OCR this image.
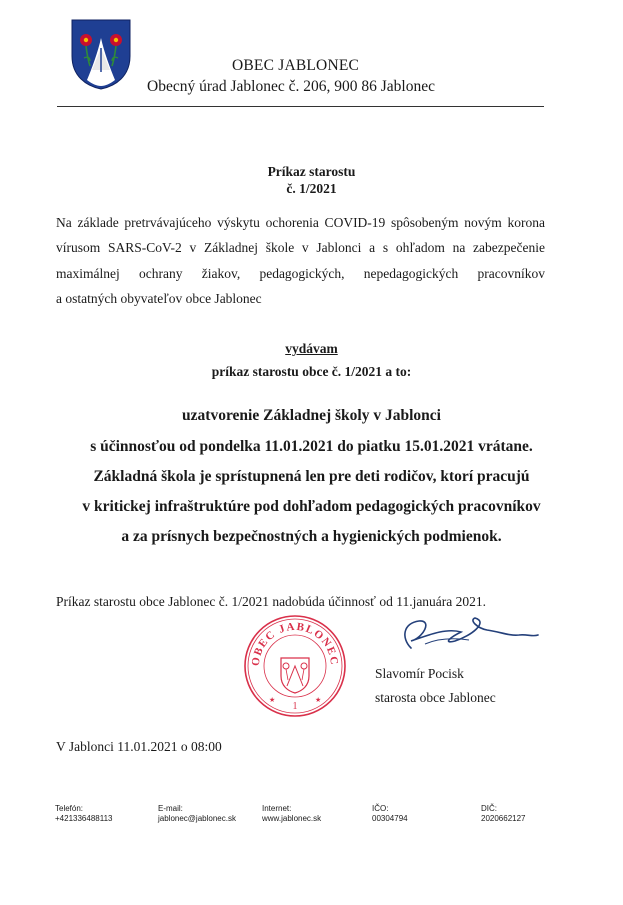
OBEC JABLONEC
Obecný úrad Jablonec č. 206, 900 86 Jablonec
Príkaz starostu
č. 1/2021
Na základe pretrvávajúceho výskytu ochorenia COVID-19 spôsobeným novým korona
vírusom SARS-CoV-2 v Základnej škole v Jablonci a s ohľadom na zabezpečenie
maximálnej ochrany žiakov, pedagogických, nepedagogických pracovníkov
a ostatných obyvateľov obce Jablonec
vydávam
príkaz starostu obce č. 1/2021 a to:
uzatvorenie Základnej školy v Jablonci
s účinnosťou od pondelka 11.01.2021 do piatku 15.01.2021 vrátane.
Základná škola je sprístupnená len pre deti rodičov, ktorí pracujú
v kritickej infraštruktúre pod dohľadom pedagogických pracovníkov
a za prísnych bezpečnostných a hygienických podmienok.
Príkaz starostu obce Jablonec č. 1/2021 nadobúda účinnosť od 11.januára 2021.
OBEC JABLONEC
1
★	★
Slavomír Pocisk
starosta obce Jablonec
V Jablonci 11.01.2021 o 08:00
Telefón:
+421336488113
E-mail:
jablonec@jablonec.sk
Internet:
www.jablonec.sk
IČO:
00304794
DIČ:
2020662127
